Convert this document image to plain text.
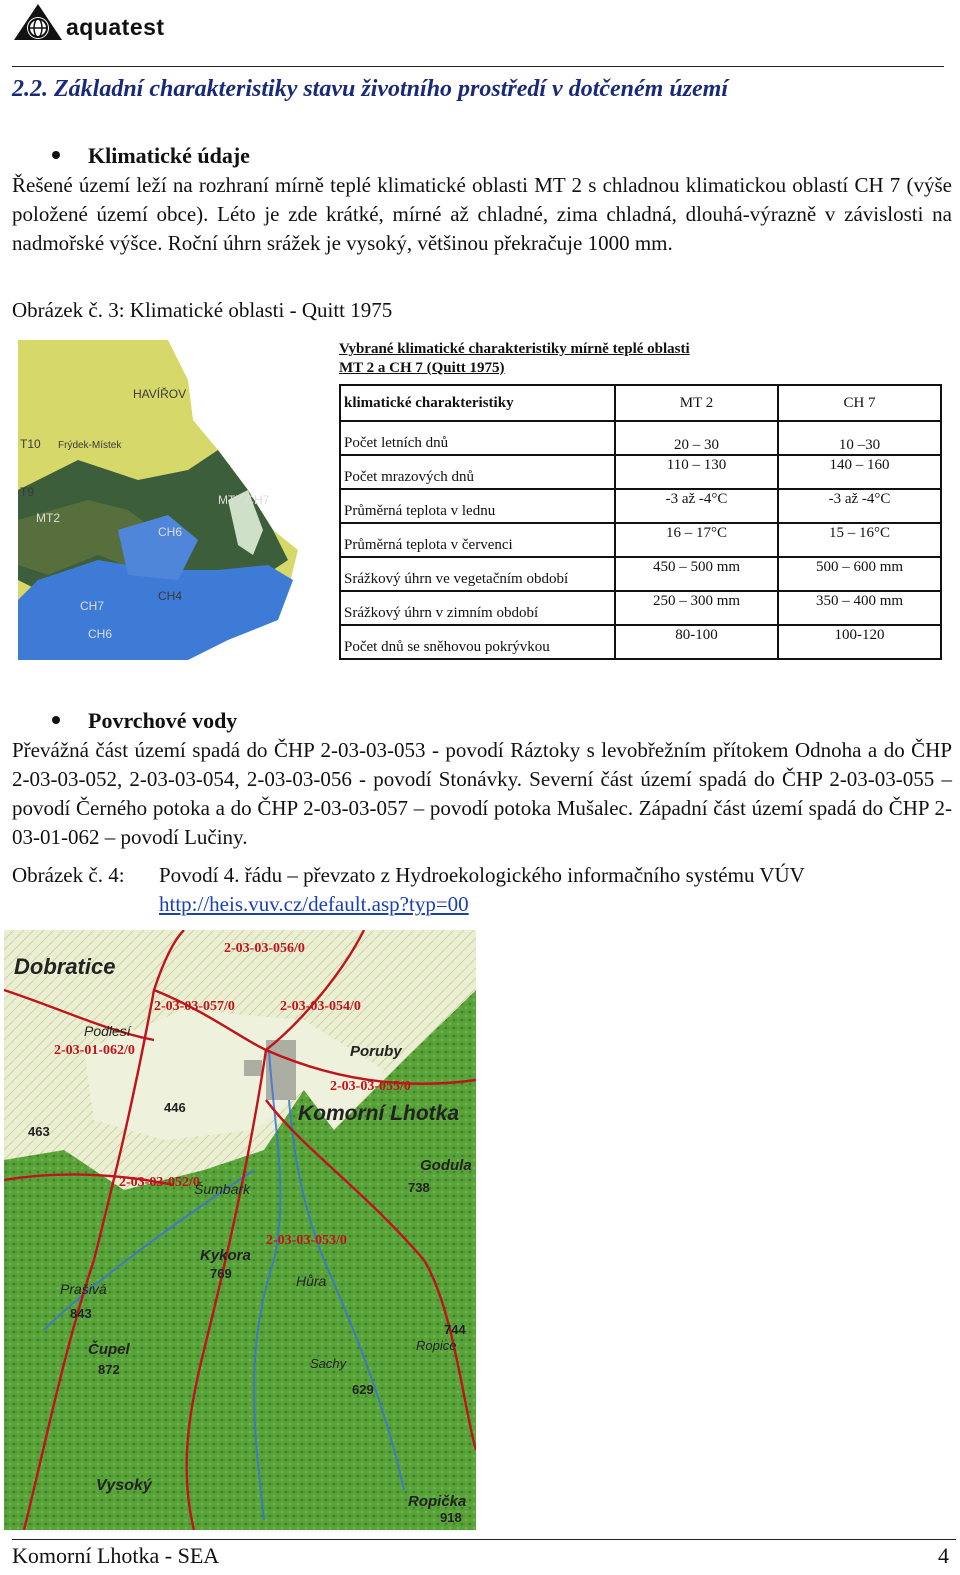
aquatest
2.2. Základní charakteristiky stavu životního prostředí v dotčeném území
Klimatické údaje
Řešené území leží na rozhraní mírně teplé klimatické oblasti MT 2 s chladnou klimatickou oblastí CH 7 (výše položené území obce). Léto je zde krátké, mírné až chladné, zima chladná, dlouhá-výrazně v závislosti na nadmořské výšce. Roční úhrn srážek je vysoký, většinou překračuje 1000 mm.
Obrázek č. 3: Klimatické oblasti - Quitt 1975
HAVÍŘOV
T10 Frýdek-Místek
T9
MT2
MT7,CH7
CH6
CH4
CH7
CH6
Vybrané klimatické charakteristiky mírně teplé oblasti
MT 2 a CH 7 (Quitt 1975)
klimatické charakteristiky	MT 2	CH 7
Počet letních dnů	20 – 30	10 –30
Počet mrazových dnů	110 – 130	140 – 160
Průměrná teplota v lednu	-3 až -4°C	-3 až -4°C
Průměrná teplota v červenci	16 – 17°C	15 – 16°C
Srážkový úhrn ve vegetačním období	450 – 500 mm	500 – 600 mm
Srážkový úhrn v zimním období	250 – 300 mm	350 – 400 mm
Počet dnů se sněhovou pokrývkou	80-100	100-120
Povrchové vody
Převážná část území spadá do ČHP 2-03-03-053 - povodí Ráztoky s levobřežním přítokem Odnoha a do ČHP 2-03-03-052, 2-03-03-054, 2-03-03-056 - povodí Stonávky. Severní část území spadá do ČHP 2-03-03-055 – povodí Černého potoka a do ČHP 2-03-03-057 – povodí potoka Mušalec. Západní část území spadá do ČHP 2-03-01-062 – povodí Lučiny.
Obrázek č. 4: Povodí 4. řádu – převzato z Hydroekologického informačního systému VÚV
http://heis.vuv.cz/default.asp?typ=00
2-03-03-056/0
2-03-03-057/0	2-03-03-054/0
2-03-01-062/0
2-03-03-055/0
2-03-03-052/0
2-03-03-053/0
Dobratice
Podlesí
Poruby
Komorní Lhotka
Godula
Šumbark
Kykora
Hůra
Prašivá
Čupel
Sachy
Vysoký
Ropička
Ropice
446
463
738
769
843
872
744
629
918
Komorní Lhotka - SEA	4
